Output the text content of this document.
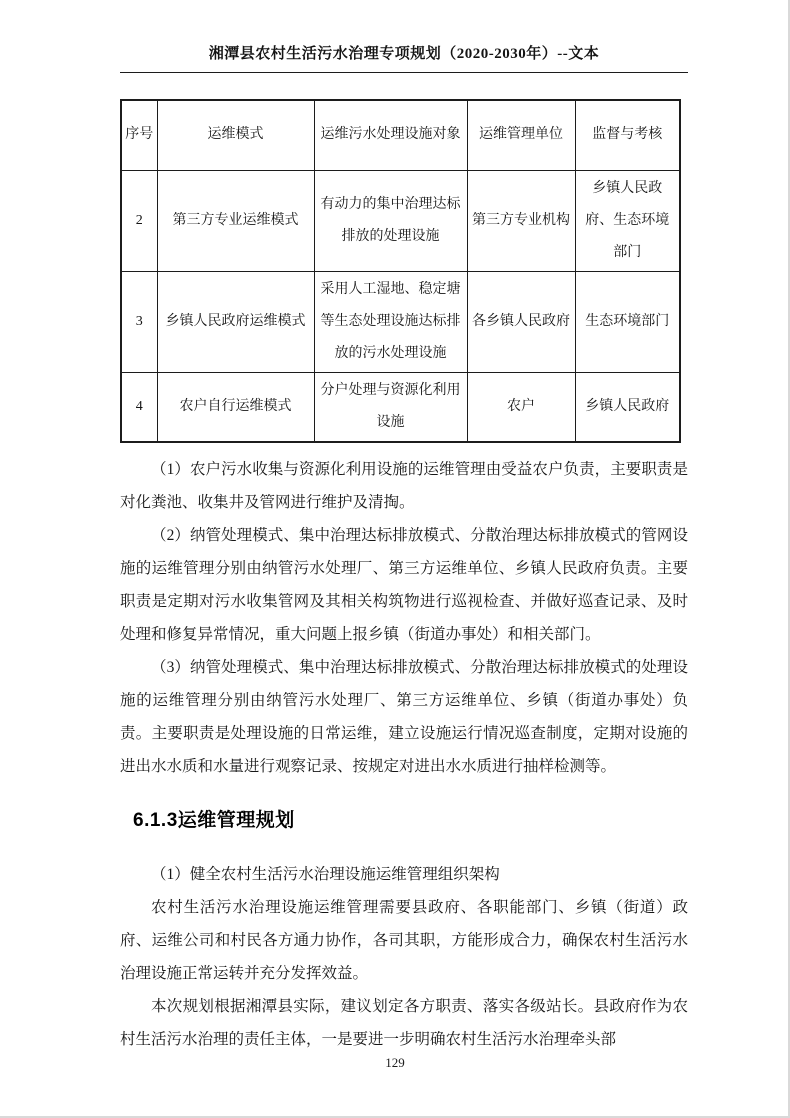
湘潭县农村生活污水治理专项规划（2020-2030年）--文本
序号	运维模式	运维污水处理设施对象	运维管理单位	监督与考核
2	第三方专业运维模式	有动力的集中治理达标排放的处理设施	第三方专业机构	乡镇人民政府、生态环境部门
3	乡镇人民政府运维模式	采用人工湿地、稳定塘等生态处理设施达标排放的污水处理设施	各乡镇人民政府	生态环境部门
4	农户自行运维模式	分户处理与资源化利用设施	农户	乡镇人民政府

（1）农户污水收集与资源化利用设施的运维管理由受益农户负责，主要职责是对化粪池、收集井及管网进行维护及清掏。

（2）纳管处理模式、集中治理达标排放模式、分散治理达标排放模式的管网设施的运维管理分别由纳管污水处理厂、第三方运维单位、乡镇人民政府负责。主要职责是定期对污水收集管网及其相关构筑物进行巡视检查、并做好巡查记录、及时处理和修复异常情况，重大问题上报乡镇（街道办事处）和相关部门。

（3）纳管处理模式、集中治理达标排放模式、分散治理达标排放模式的处理设施的运维管理分别由纳管污水处理厂、第三方运维单位、乡镇（街道办事处）负责。主要职责是处理设施的日常运维，建立设施运行情况巡查制度，定期对设施的进出水水质和水量进行观察记录、按规定对进出水水质进行抽样检测等。

6.1.3运维管理规划

（1）健全农村生活污水治理设施运维管理组织架构

农村生活污水治理设施运维管理需要县政府、各职能部门、乡镇（街道）政府、运维公司和村民各方通力协作，各司其职，方能形成合力，确保农村生活污水治理设施正常运转并充分发挥效益。

本次规划根据湘潭县实际，建议划定各方职责、落实各级站长。县政府作为农村生活污水治理的责任主体，一是要进一步明确农村生活污水治理牵头部

129
